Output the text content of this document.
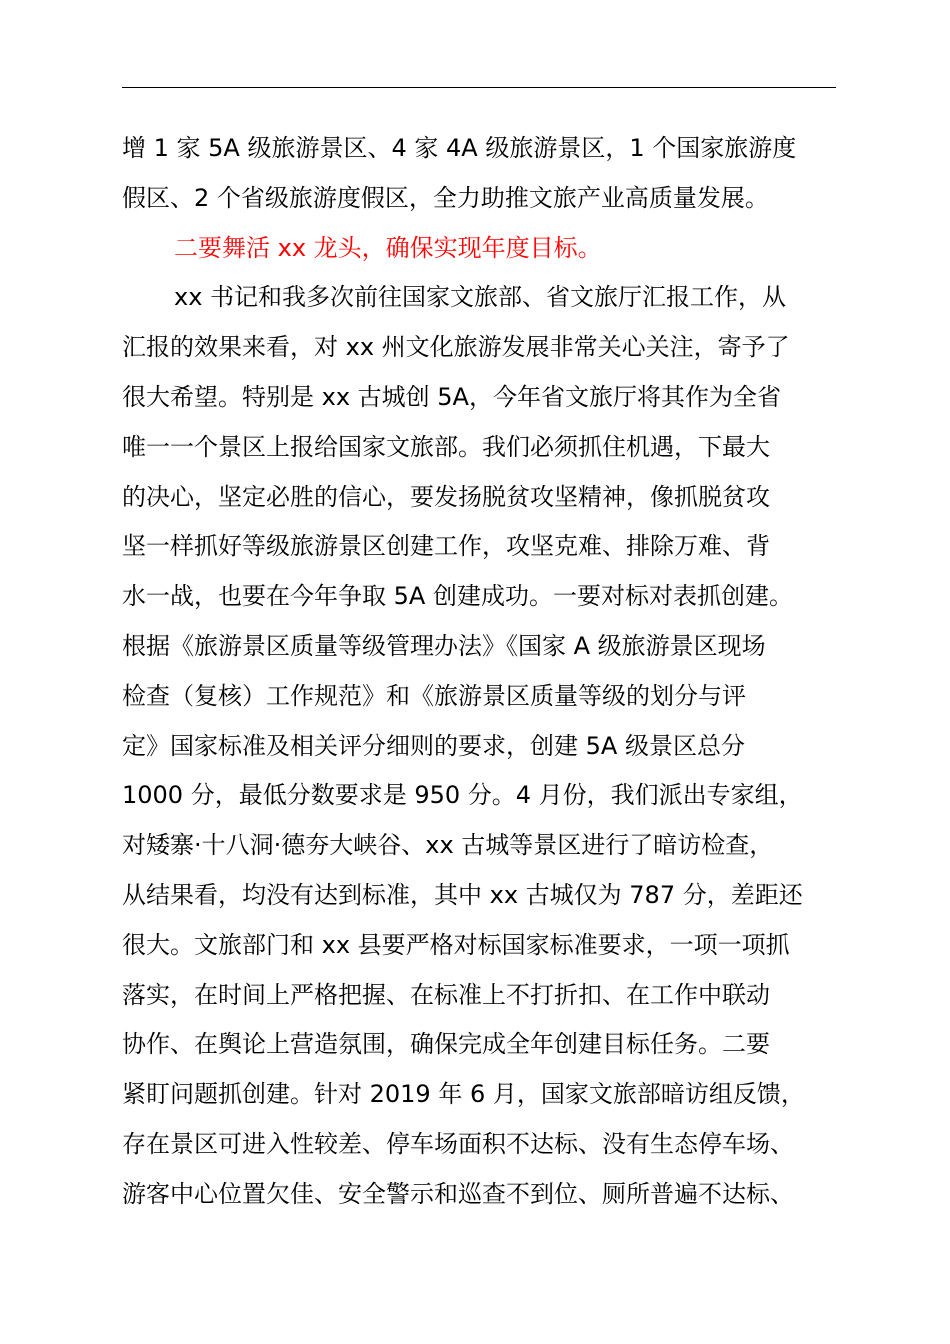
增 1 家 5A 级旅游景区、4 家 4A 级旅游景区，1 个国家旅游度
假区、2 个省级旅游度假区，全力助推文旅产业高质量发展。
二要舞活 xx 龙头，确保实现年度目标。
xx 书记和我多次前往国家文旅部、省文旅厅汇报工作，从
汇报的效果来看，对 xx 州文化旅游发展非常关心关注，寄予了
很大希望。特别是 xx 古城创 5A，今年省文旅厅将其作为全省
唯一一个景区上报给国家文旅部。我们必须抓住机遇，下最大
的决心，坚定必胜的信心，要发扬脱贫攻坚精神，像抓脱贫攻
坚一样抓好等级旅游景区创建工作，攻坚克难、排除万难、背
水一战，也要在今年争取 5A 创建成功。一要对标对表抓创建。
根据《旅游景区质量等级管理办法》《国家 A 级旅游景区现场
检查（复核）工作规范》和《旅游景区质量等级的划分与评
定》国家标准及相关评分细则的要求，创建 5A 级景区总分
1000 分，最低分数要求是 950 分。4 月份，我们派出专家组，
对矮寨·十八洞·德夯大峡谷、xx 古城等景区进行了暗访检查，
从结果看，均没有达到标准，其中 xx 古城仅为 787 分，差距还
很大。文旅部门和 xx 县要严格对标国家标准要求，一项一项抓
落实，在时间上严格把握、在标准上不打折扣、在工作中联动
协作、在舆论上营造氛围，确保完成全年创建目标任务。二要
紧盯问题抓创建。针对 2019 年 6 月，国家文旅部暗访组反馈，
存在景区可进入性较差、停车场面积不达标、没有生态停车场、
游客中心位置欠佳、安全警示和巡查不到位、厕所普遍不达标、
